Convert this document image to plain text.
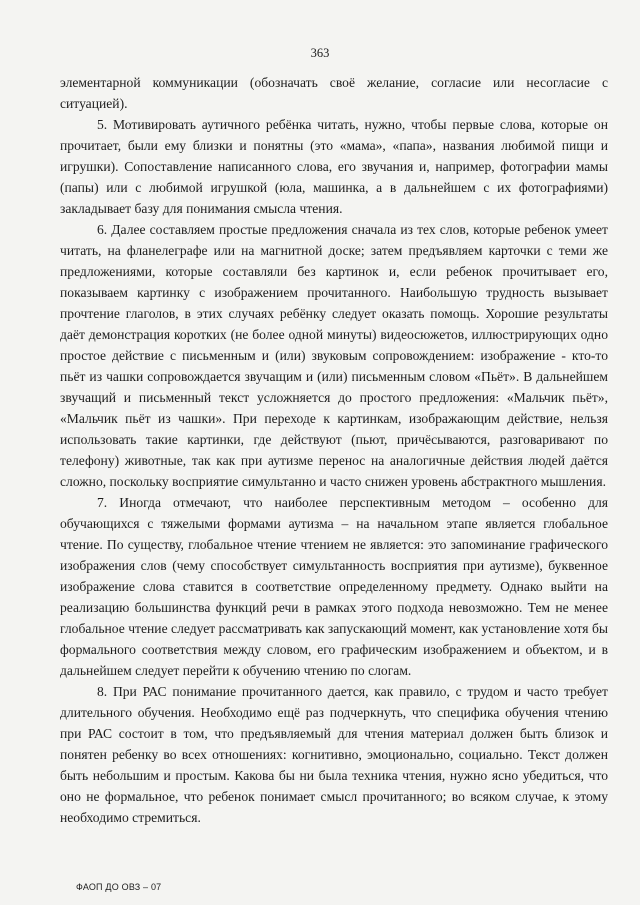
363

элементарной коммуникации (обозначать своё желание, согласие или несогласие с ситуацией).

5. Мотивировать аутичного ребёнка читать, нужно, чтобы первые слова, которые он прочитает, были ему близки и понятны (это «мама», «папа», названия любимой пищи и игрушки). Сопоставление написанного слова, его звучания и, например, фотографии мамы (папы) или с любимой игрушкой (юла, машинка, а в дальнейшем с их фотографиями) закладывает базу для понимания смысла чтения.

6. Далее составляем простые предложения сначала из тех слов, которые ребенок умеет читать, на фланелеграфе или на магнитной доске; затем предъявляем карточки с теми же предложениями, которые составляли без картинок и, если ребенок прочитывает его, показываем картинку с изображением прочитанного. Наибольшую трудность вызывает прочтение глаголов, в этих случаях ребёнку следует оказать помощь. Хорошие результаты даёт демонстрация коротких (не более одной минуты) видеосюжетов, иллюстрирующих одно простое действие с письменным и (или) звуковым сопровождением: изображение - кто-то пьёт из чашки сопровождается звучащим и (или) письменным словом «Пьёт». В дальнейшем звучащий и письменный текст усложняется до простого предложения: «Мальчик пьёт», «Мальчик пьёт из чашки». При переходе к картинкам, изображающим действие, нельзя использовать такие картинки, где действуют (пьют, причёсываются, разговаривают по телефону) животные, так как при аутизме перенос на аналогичные действия людей даётся сложно, поскольку восприятие симультанно и часто снижен уровень абстрактного мышления.

7. Иногда отмечают, что наиболее перспективным методом – особенно для обучающихся с тяжелыми формами аутизма – на начальном этапе является глобальное чтение. По существу, глобальное чтение чтением не является: это запоминание графического изображения слов (чему способствует симультанность восприятия при аутизме), буквенное изображение слова ставится в соответствие определенному предмету. Однако выйти на реализацию большинства функций речи в рамках этого подхода невозможно. Тем не менее глобальное чтение следует рассматривать как запускающий момент, как установление хотя бы формального соответствия между словом, его графическим изображением и объектом, и в дальнейшем следует перейти к обучению чтению по слогам.

8. При РАС понимание прочитанного дается, как правило, с трудом и часто требует длительного обучения. Необходимо ещё раз подчеркнуть, что специфика обучения чтению при РАС состоит в том, что предъявляемый для чтения материал должен быть близок и понятен ребенку во всех отношениях: когнитивно, эмоционально, социально. Текст должен быть небольшим и простым. Какова бы ни была техника чтения, нужно ясно убедиться, что оно не формальное, что ребенок понимает смысл прочитанного; во всяком случае, к этому необходимо стремиться.

ФАОП ДО ОВЗ – 07
